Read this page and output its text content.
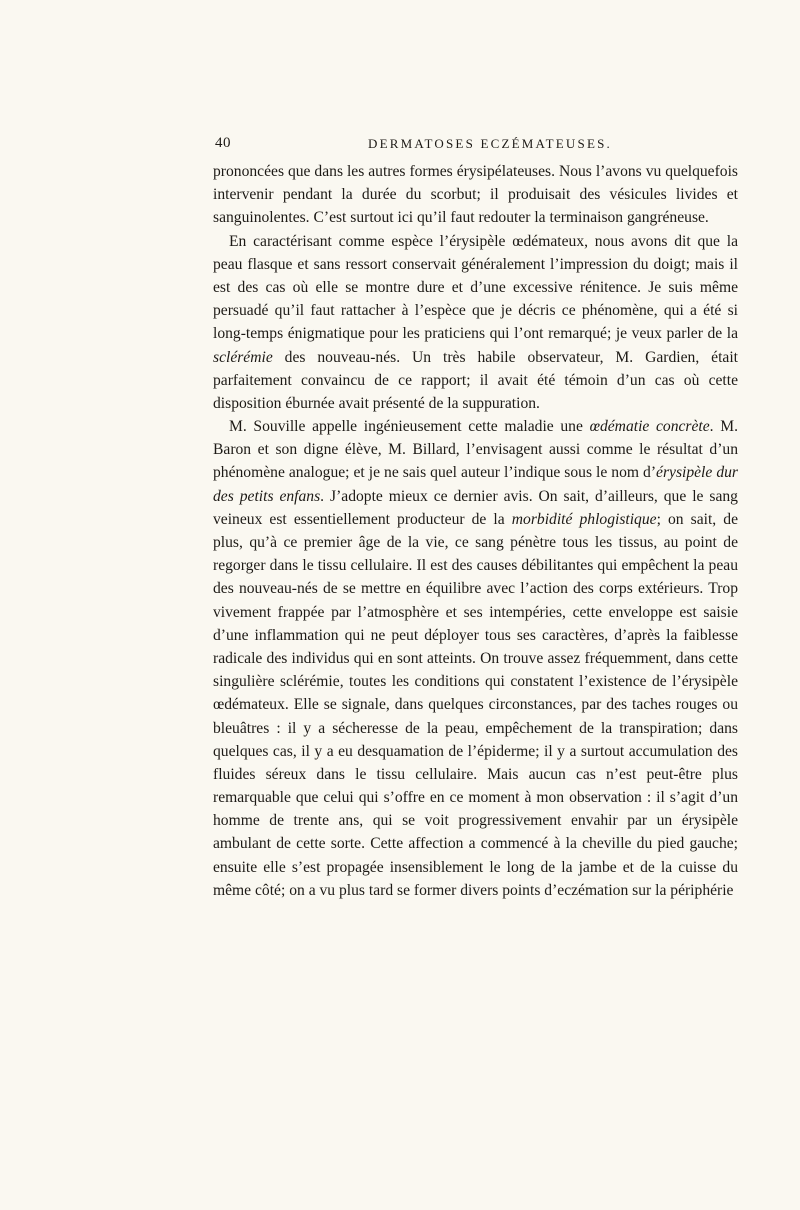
40	DERMATOSES ECZÉMATEUSES.

prononcées que dans les autres formes érysipélateuses. Nous l’avons vu quelquefois intervenir pendant la durée du scorbut; il produisait des vésicules livides et sanguinolentes. C’est surtout ici qu’il faut redouter la terminaison gangréneuse.

En caractérisant comme espèce l’érysipèle œdémateux, nous avons dit que la peau flasque et sans ressort conservait généralement l’impression du doigt; mais il est des cas où elle se montre dure et d’une excessive rénitence. Je suis même persuadé qu’il faut rattacher à l’espèce que je décris ce phénomène, qui a été si long-temps énigmatique pour les praticiens qui l’ont remarqué; je veux parler de la sclérémie des nouveau-nés. Un très habile observateur, M. Gardien, était parfaitement convaincu de ce rapport; il avait été témoin d’un cas où cette disposition éburnée avait présenté de la suppuration.

M. Souville appelle ingénieusement cette maladie une œdématie concrète. M. Baron et son digne élève, M. Billard, l’envisagent aussi comme le résultat d’un phénomène analogue; et je ne sais quel auteur l’indique sous le nom d’érysipèle dur des petits enfans. J’adopte mieux ce dernier avis. On sait, d’ailleurs, que le sang veineux est essentiellement producteur de la morbidité phlogistique; on sait, de plus, qu’à ce premier âge de la vie, ce sang pénètre tous les tissus, au point de regorger dans le tissu cellulaire. Il est des causes débilitantes qui empêchent la peau des nouveau-nés de se mettre en équilibre avec l’action des corps extérieurs. Trop vivement frappée par l’atmosphère et ses intempéries, cette enveloppe est saisie d’une inflammation qui ne peut déployer tous ses caractères, d’après la faiblesse radicale des individus qui en sont atteints. On trouve assez fréquemment, dans cette singulière sclérémie, toutes les conditions qui constatent l’existence de l’érysipèle œdémateux. Elle se signale, dans quelques circonstances, par des taches rouges ou bleuâtres : il y a sécheresse de la peau, empêchement de la transpiration; dans quelques cas, il y a eu desquamation de l’épiderme; il y a surtout accumulation des fluides séreux dans le tissu cellulaire. Mais aucun cas n’est peut-être plus remarquable que celui qui s’offre en ce moment à mon observation : il s’agit d’un homme de trente ans, qui se voit progressivement envahir par un érysipèle ambulant de cette sorte. Cette affection a commencé à la cheville du pied gauche; ensuite elle s’est propagée insensiblement le long de la jambe et de la cuisse du même côté; on a vu plus tard se former divers points d’eczémation sur la périphérie
